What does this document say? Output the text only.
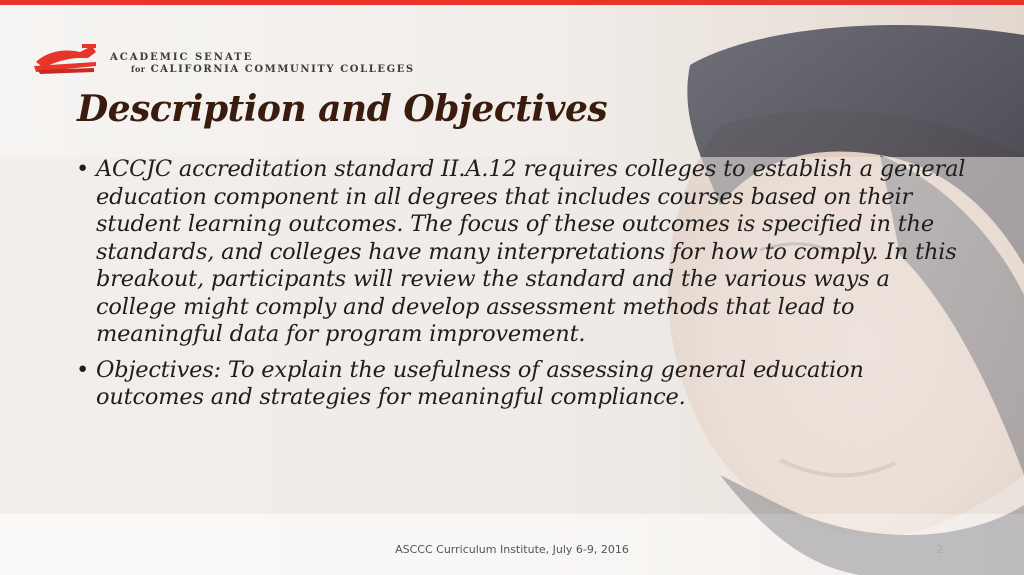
ACADEMIC SENATE
for CALIFORNIA COMMUNITY COLLEGES
Description and Objectives
• ACCJC accreditation standard II.A.12 requires colleges to establish a general education component in all degrees that includes courses based on their student learning outcomes. The focus of these outcomes is specified in the standards, and colleges have many interpretations for how to comply. In this breakout, participants will review the standard and the various ways a college might comply and develop assessment methods that lead to meaningful data for program improvement.
• Objectives: To explain the usefulness of assessing general education outcomes and strategies for meaningful compliance.
ASCCC Curriculum Institute, July 6-9, 2016	2
